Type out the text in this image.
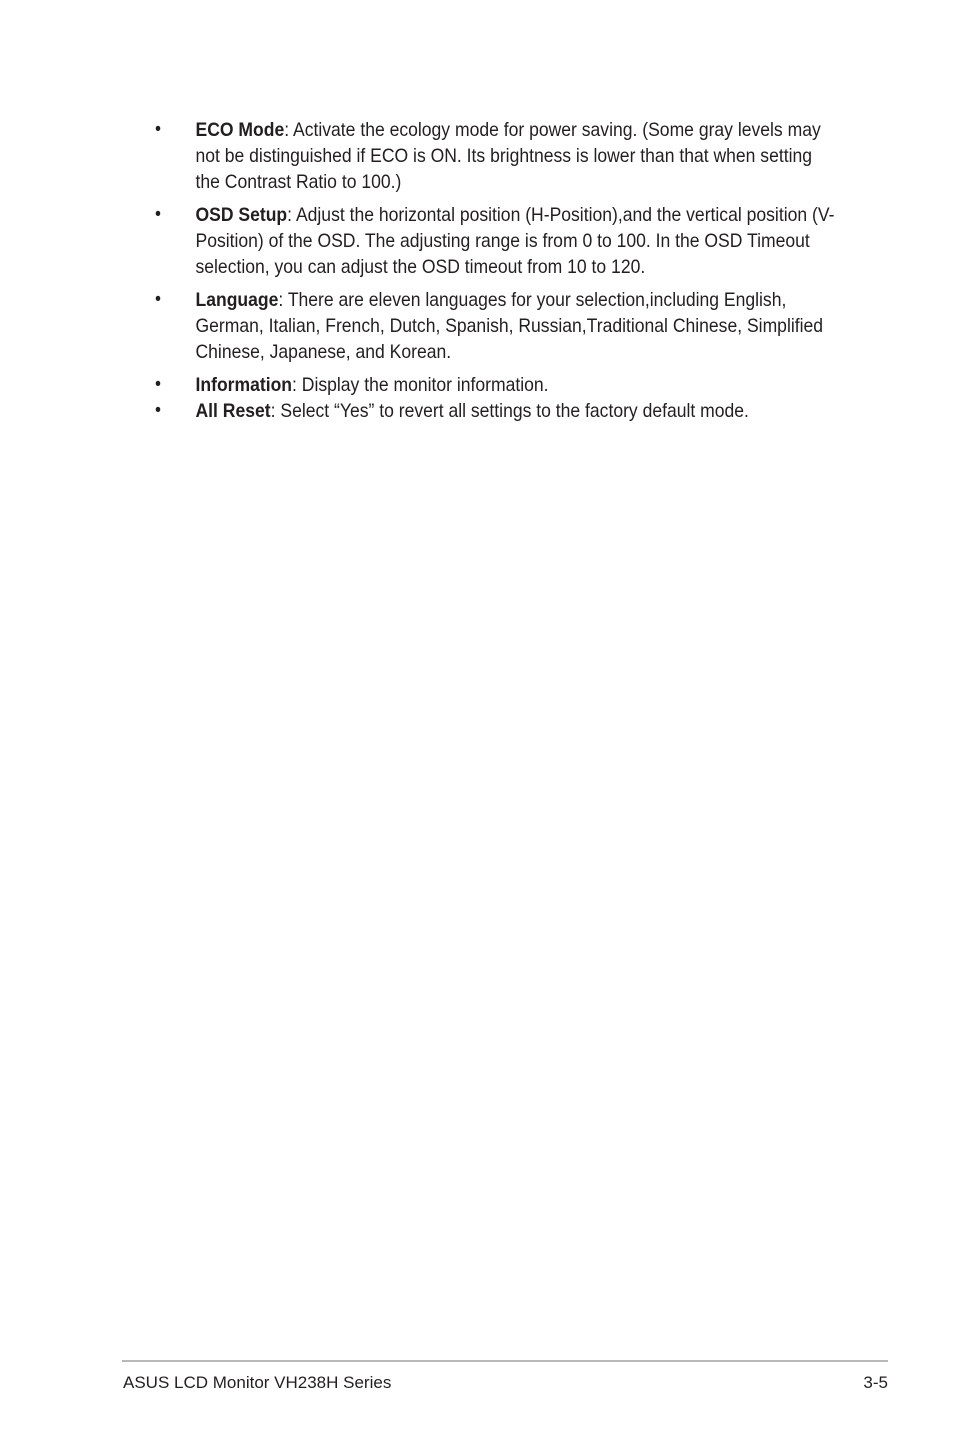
• ECO Mode: Activate the ecology mode for power saving. (Some gray levels may not be distinguished if ECO is ON. Its brightness is lower than that when setting the Contrast Ratio to 100.)
• OSD Setup: Adjust the horizontal position (H-Position),and the vertical position (V-Position) of the OSD. The adjusting range is from 0 to 100. In the OSD Timeout selection, you can adjust the OSD timeout from 10 to 120.
• Language: There are eleven languages for your selection,including English, German, Italian, French, Dutch, Spanish, Russian,Traditional Chinese, Simplified Chinese, Japanese, and Korean.
• Information: Display the monitor information.
• All Reset: Select “Yes” to revert all settings to the factory default mode.
ASUS LCD Monitor VH238H Series	3-5
